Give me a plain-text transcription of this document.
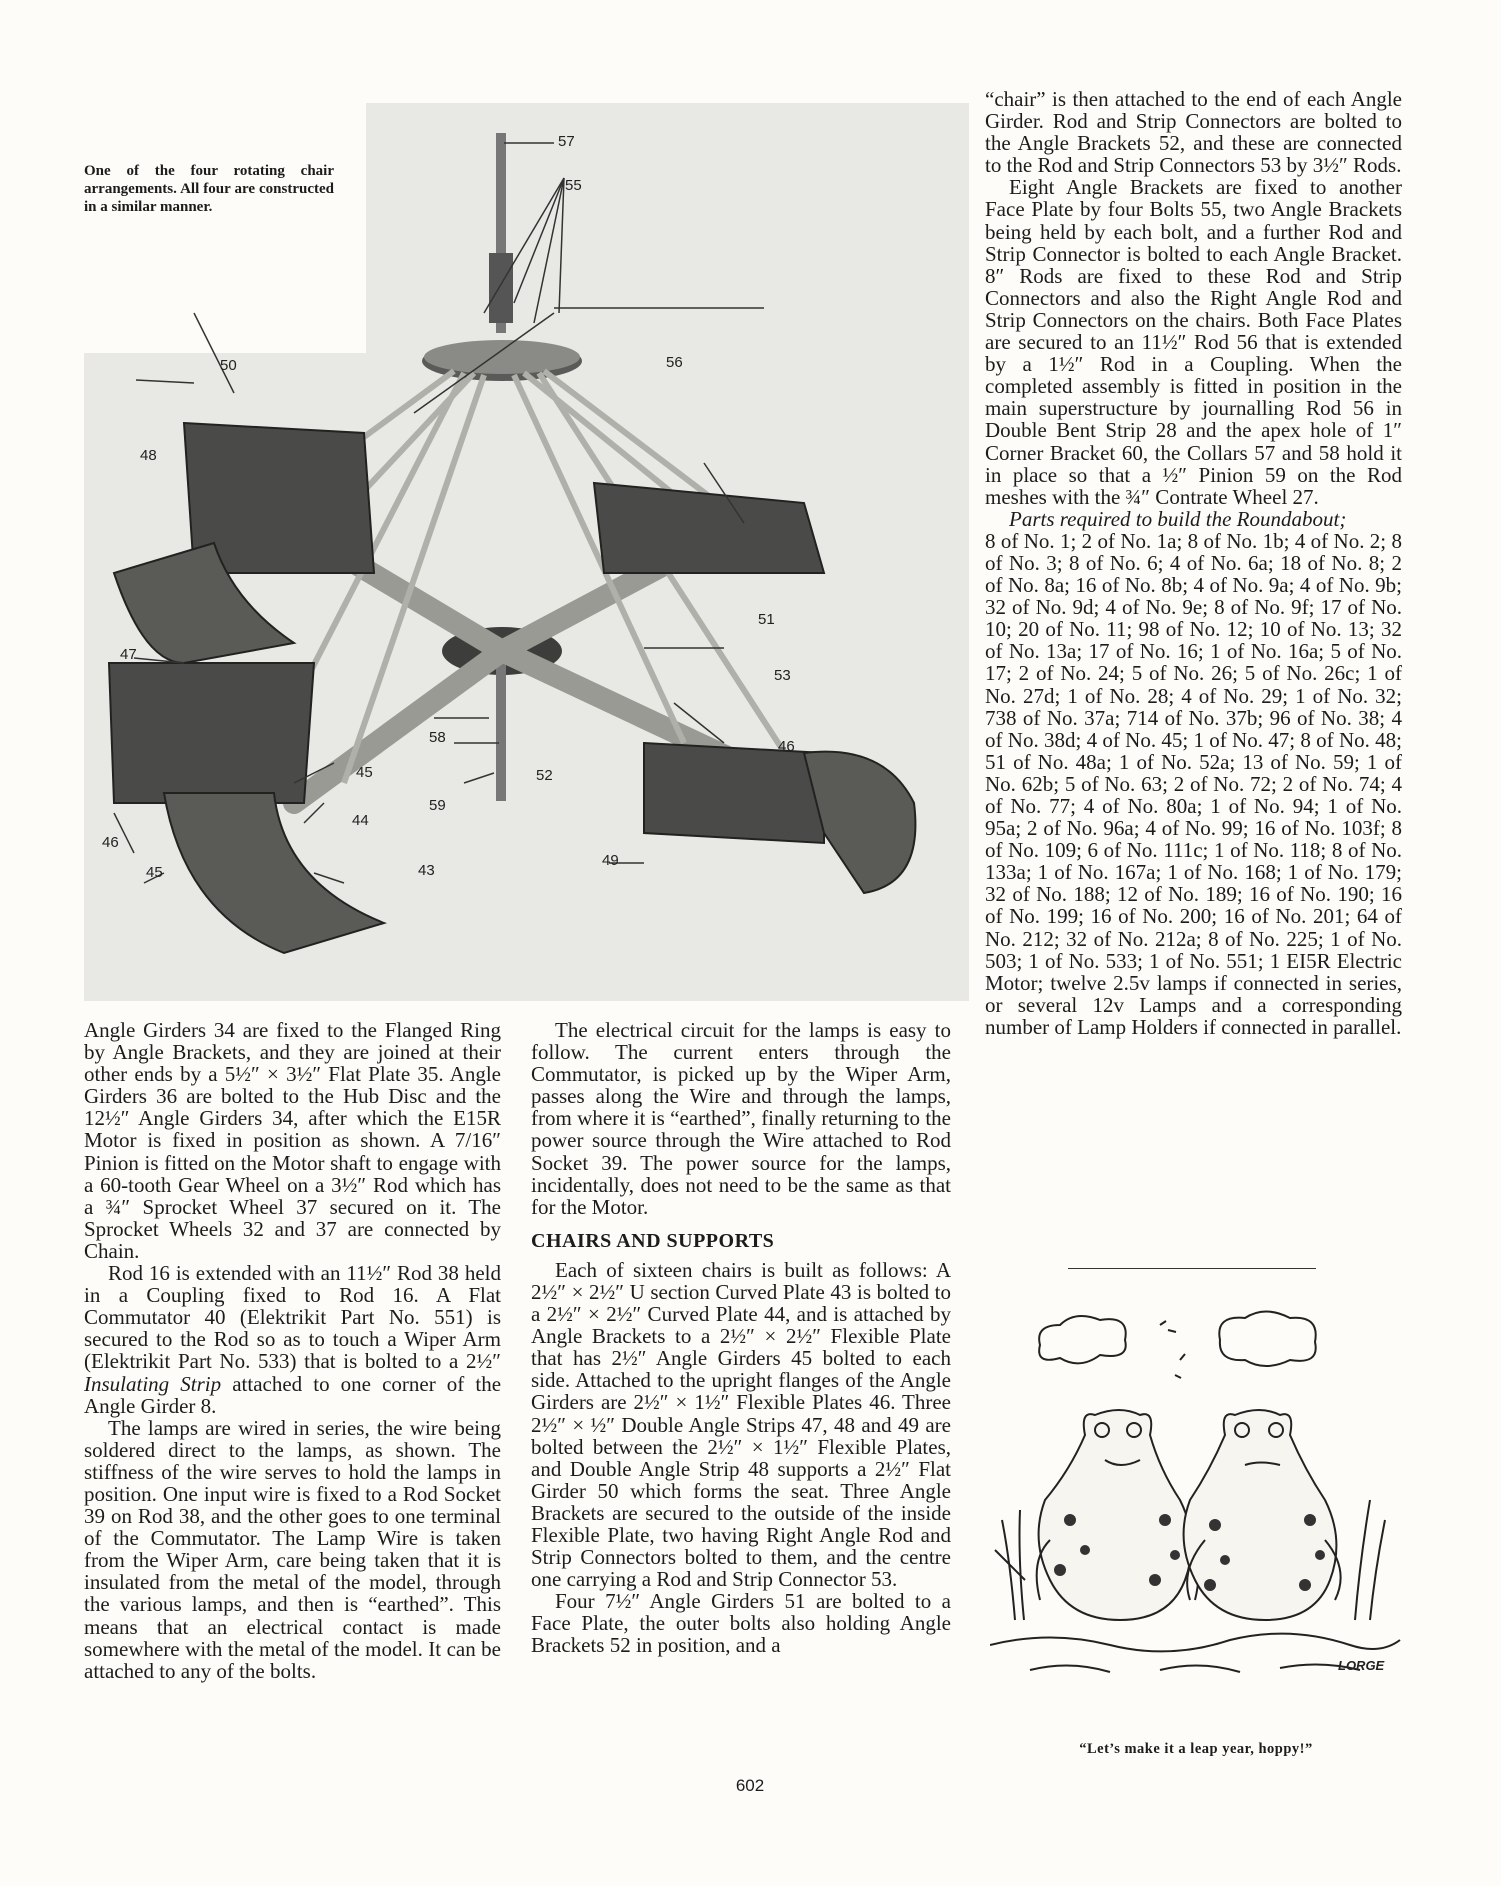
57
55
56
50
48
51
53
47
46
58
52
45
59
44
46
45	43
49

One of the four rotating chair arrangements. All four are constructed in a similar manner.

Angle Girders 34 are fixed to the Flanged Ring by Angle Brackets, and they are joined at their other ends by a 5½″ × 3½″ Flat Plate 35. Angle Girders 36 are bolted to the Hub Disc and the 12½″ Angle Girders 34, after which the E15R Motor is fixed in position as shown. A 7/16″ Pinion is fitted on the Motor shaft to engage with a 60-tooth Gear Wheel on a 3½″ Rod which has a ¾″ Sprocket Wheel 37 secured on it. The Sprocket Wheels 32 and 37 are connected by Chain.

Rod 16 is extended with an 11½″ Rod 38 held in a Coupling fixed to Rod 16. A Flat Commutator 40 (Elektrikit Part No. 551) is secured to the Rod so as to touch a Wiper Arm (Elektrikit Part No. 533) that is bolted to a 2½″ Insulating Strip attached to one corner of the Angle Girder 8.

The lamps are wired in series, the wire being soldered direct to the lamps, as shown. The stiffness of the wire serves to hold the lamps in position. One input wire is fixed to a Rod Socket 39 on Rod 38, and the other goes to one terminal of the Commutator. The Lamp Wire is taken from the Wiper Arm, care being taken that it is insulated from the metal of the model, through the various lamps, and then is “earthed”. This means that an electrical contact is made somewhere with the metal of the model. It can be attached to any of the bolts.

The electrical circuit for the lamps is easy to follow. The current enters through the Commutator, is picked up by the Wiper Arm, passes along the Wire and through the lamps, from where it is “earthed”, finally returning to the power source through the Wire attached to Rod Socket 39. The power source for the lamps, incidentally, does not need to be the same as that for the Motor.

CHAIRS AND SUPPORTS

Each of sixteen chairs is built as follows: A 2½″ × 2½″ U section Curved Plate 43 is bolted to a 2½″ × 2½″ Curved Plate 44, and is attached by Angle Brackets to a 2½″ × 2½″ Flexible Plate that has 2½″ Angle Girders 45 bolted to each side. Attached to the upright flanges of the Angle Girders are 2½″ × 1½″ Flexible Plates 46. Three 2½″ × ½″ Double Angle Strips 47, 48 and 49 are bolted between the 2½″ × 1½″ Flexible Plates, and Double Angle Strip 48 supports a 2½″ Flat Girder 50 which forms the seat. Three Angle Brackets are secured to the outside of the inside Flexible Plate, two having Right Angle Rod and Strip Connectors bolted to them, and the centre one carrying a Rod and Strip Connector 53.

Four 7½″ Angle Girders 51 are bolted to a Face Plate, the outer bolts also holding Angle Brackets 52 in position, and a

“chair” is then attached to the end of each Angle Girder. Rod and Strip Connectors are bolted to the Angle Brackets 52, and these are connected to the Rod and Strip Connectors 53 by 3½″ Rods.

Eight Angle Brackets are fixed to another Face Plate by four Bolts 55, two Angle Brackets being held by each bolt, and a further Rod and Strip Connector is bolted to each Angle Bracket. 8″ Rods are fixed to these Rod and Strip Connectors and also the Right Angle Rod and Strip Connectors on the chairs. Both Face Plates are secured to an 11½″ Rod 56 that is extended by a 1½″ Rod in a Coupling. When the completed assembly is fitted in position in the main superstructure by journalling Rod 56 in Double Bent Strip 28 and the apex hole of 1″ Corner Bracket 60, the Collars 57 and 58 hold it in place so that a ½″ Pinion 59 on the Rod meshes with the ¾″ Contrate Wheel 27.

Parts required to build the Roundabout;

8 of No. 1; 2 of No. 1a; 8 of No. 1b; 4 of No. 2; 8 of No. 3; 8 of No. 6; 4 of No. 6a; 18 of No. 8; 2 of No. 8a; 16 of No. 8b; 4 of No. 9a; 4 of No. 9b; 32 of No. 9d; 4 of No. 9e; 8 of No. 9f; 17 of No. 10; 20 of No. 11; 98 of No. 12; 10 of No. 13; 32 of No. 13a; 17 of No. 16; 1 of No. 16a; 5 of No. 17; 2 of No. 24; 5 of No. 26; 5 of No. 26c; 1 of No. 27d; 1 of No. 28; 4 of No. 29; 1 of No. 32; 738 of No. 37a; 714 of No. 37b; 96 of No. 38; 4 of No. 38d; 4 of No. 45; 1 of No. 47; 8 of No. 48; 51 of No. 48a; 1 of No. 52a; 13 of No. 59; 1 of No. 62b; 5 of No. 63; 2 of No. 72; 2 of No. 74; 4 of No. 77; 4 of No. 80a; 1 of No. 94; 1 of No. 95a; 2 of No. 96a; 4 of No. 99; 16 of No. 103f; 8 of No. 109; 6 of No. 111c; 1 of No. 118; 8 of No. 133a; 1 of No. 167a; 1 of No. 168; 1 of No. 179; 32 of No. 188; 12 of No. 189; 16 of No. 190; 16 of No. 199; 16 of No. 200; 16 of No. 201; 64 of No. 212; 32 of No. 212a; 8 of No. 225; 1 of No. 503; 1 of No. 533; 1 of No. 551; 1 EI5R Electric Motor; twelve 2.5v lamps if connected in series, or several 12v Lamps and a corresponding number of Lamp Holders if connected in parallel.

LORGE

“Let’s make it a leap year, hoppy!”

602
